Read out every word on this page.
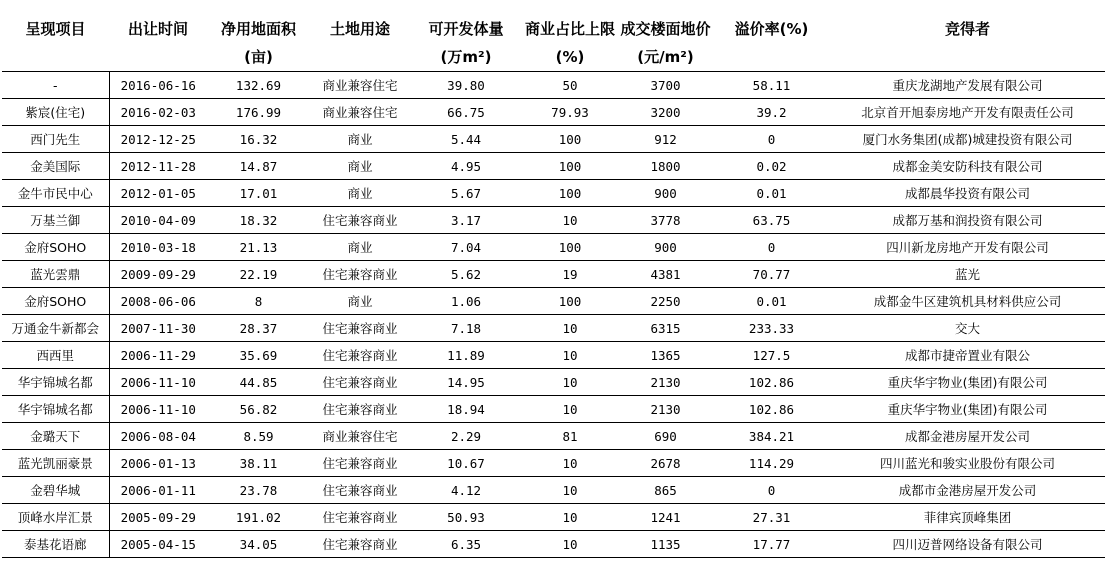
呈现项目	出让时间	净用地面积	土地用途	可开发体量	商业占比上限	成交楼面地价	溢价率(%)	竞得者
		(亩)		(万m²)	(%)	(元/m²)		
-	2016-06-16	132.69	商业兼容住宅	39.80	50	3700	58.11	重庆龙湖地产发展有限公司
紫宸(住宅)	2016-02-03	176.99	商业兼容住宅	66.75	79.93	3200	39.2	北京首开旭泰房地产开发有限责任公司
西门先生	2012-12-25	16.32	商业	5.44	100	912	0	厦门水务集团(成都)城建投资有限公司
金美国际	2012-11-28	14.87	商业	4.95	100	1800	0.02	成都金美安防科技有限公司
金牛市民中心	2012-01-05	17.01	商业	5.67	100	900	0.01	成都晨华投资有限公司
万基兰御	2010-04-09	18.32	住宅兼容商业	3.17	10	3778	63.75	成都万基和润投资有限公司
金府SOHO	2010-03-18	21.13	商业	7.04	100	900	0	四川新龙房地产开发有限公司
蓝光雲鼎	2009-09-29	22.19	住宅兼容商业	5.62	19	4381	70.77	蓝光
金府SOHO	2008-06-06	8	商业	1.06	100	2250	0.01	成都金牛区建筑机具材料供应公司
万通金牛新都会	2007-11-30	28.37	住宅兼容商业	7.18	10	6315	233.33	交大
西西里	2006-11-29	35.69	住宅兼容商业	11.89	10	1365	127.5	成都市捷帝置业有限公
华宇锦城名都	2006-11-10	44.85	住宅兼容商业	14.95	10	2130	102.86	重庆华宇物业(集团)有限公司
华宇锦城名都	2006-11-10	56.82	住宅兼容商业	18.94	10	2130	102.86	重庆华宇物业(集团)有限公司
金璐天下	2006-08-04	8.59	商业兼容住宅	2.29	81	690	384.21	成都金港房屋开发公司
蓝光凯丽豪景	2006-01-13	38.11	住宅兼容商业	10.67	10	2678	114.29	四川蓝光和骏实业股份有限公司
金碧华城	2006-01-11	23.78	住宅兼容商业	4.12	10	865	0	成都市金港房屋开发公司
顶峰水岸汇景	2005-09-29	191.02	住宅兼容商业	50.93	10	1241	27.31	菲律宾顶峰集团
泰基花语廊	2005-04-15	34.05	住宅兼容商业	6.35	10	1135	17.77	四川迈普网络设备有限公司
